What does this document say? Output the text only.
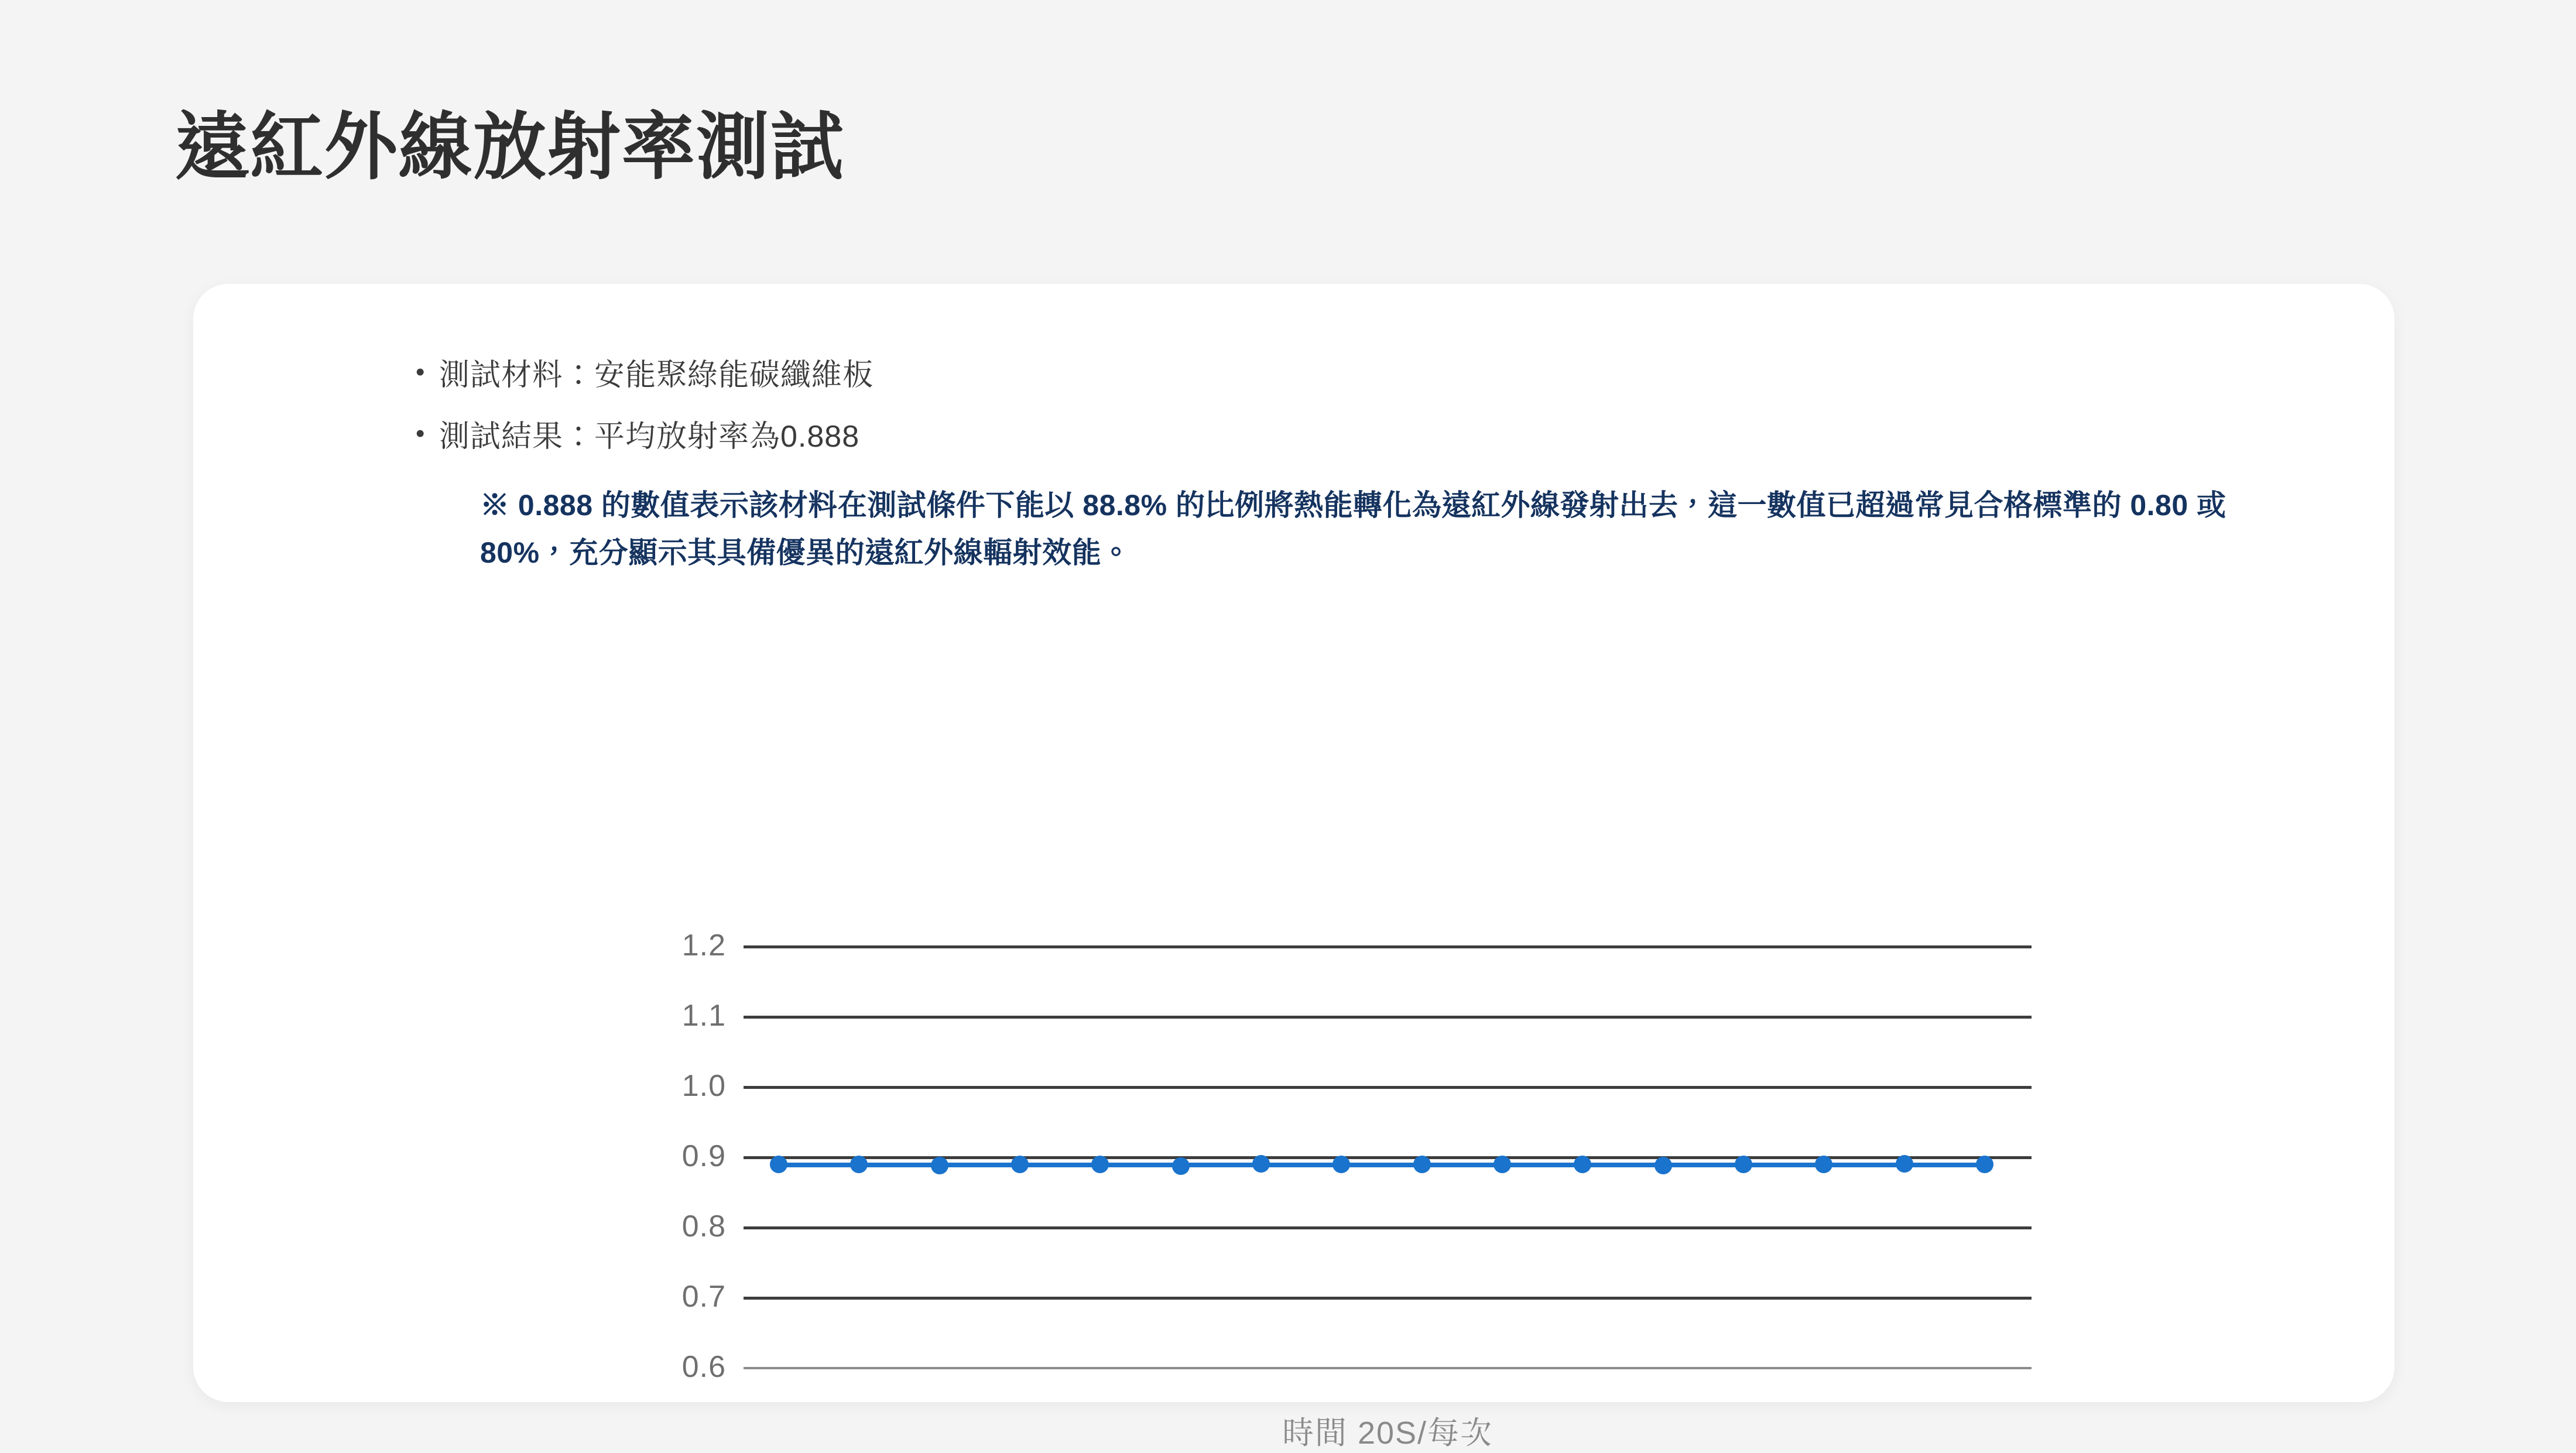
遠紅外線放射率測試
• 測試材料：安能聚綠能碳纖維板
• 測試結果：平均放射率為0.888
※ 0.888 的數值表示該材料在測試條件下能以 88.8% 的比例將熱能轉化為遠紅外線發射出去，這一數值已超過常見合格標準的 0.80 或 80%，充分顯示其具備優異的遠紅外線輻射效能。
1.2
1.1
1.0
0.9
0.8
0.7
0.6
時間 20S/每次
